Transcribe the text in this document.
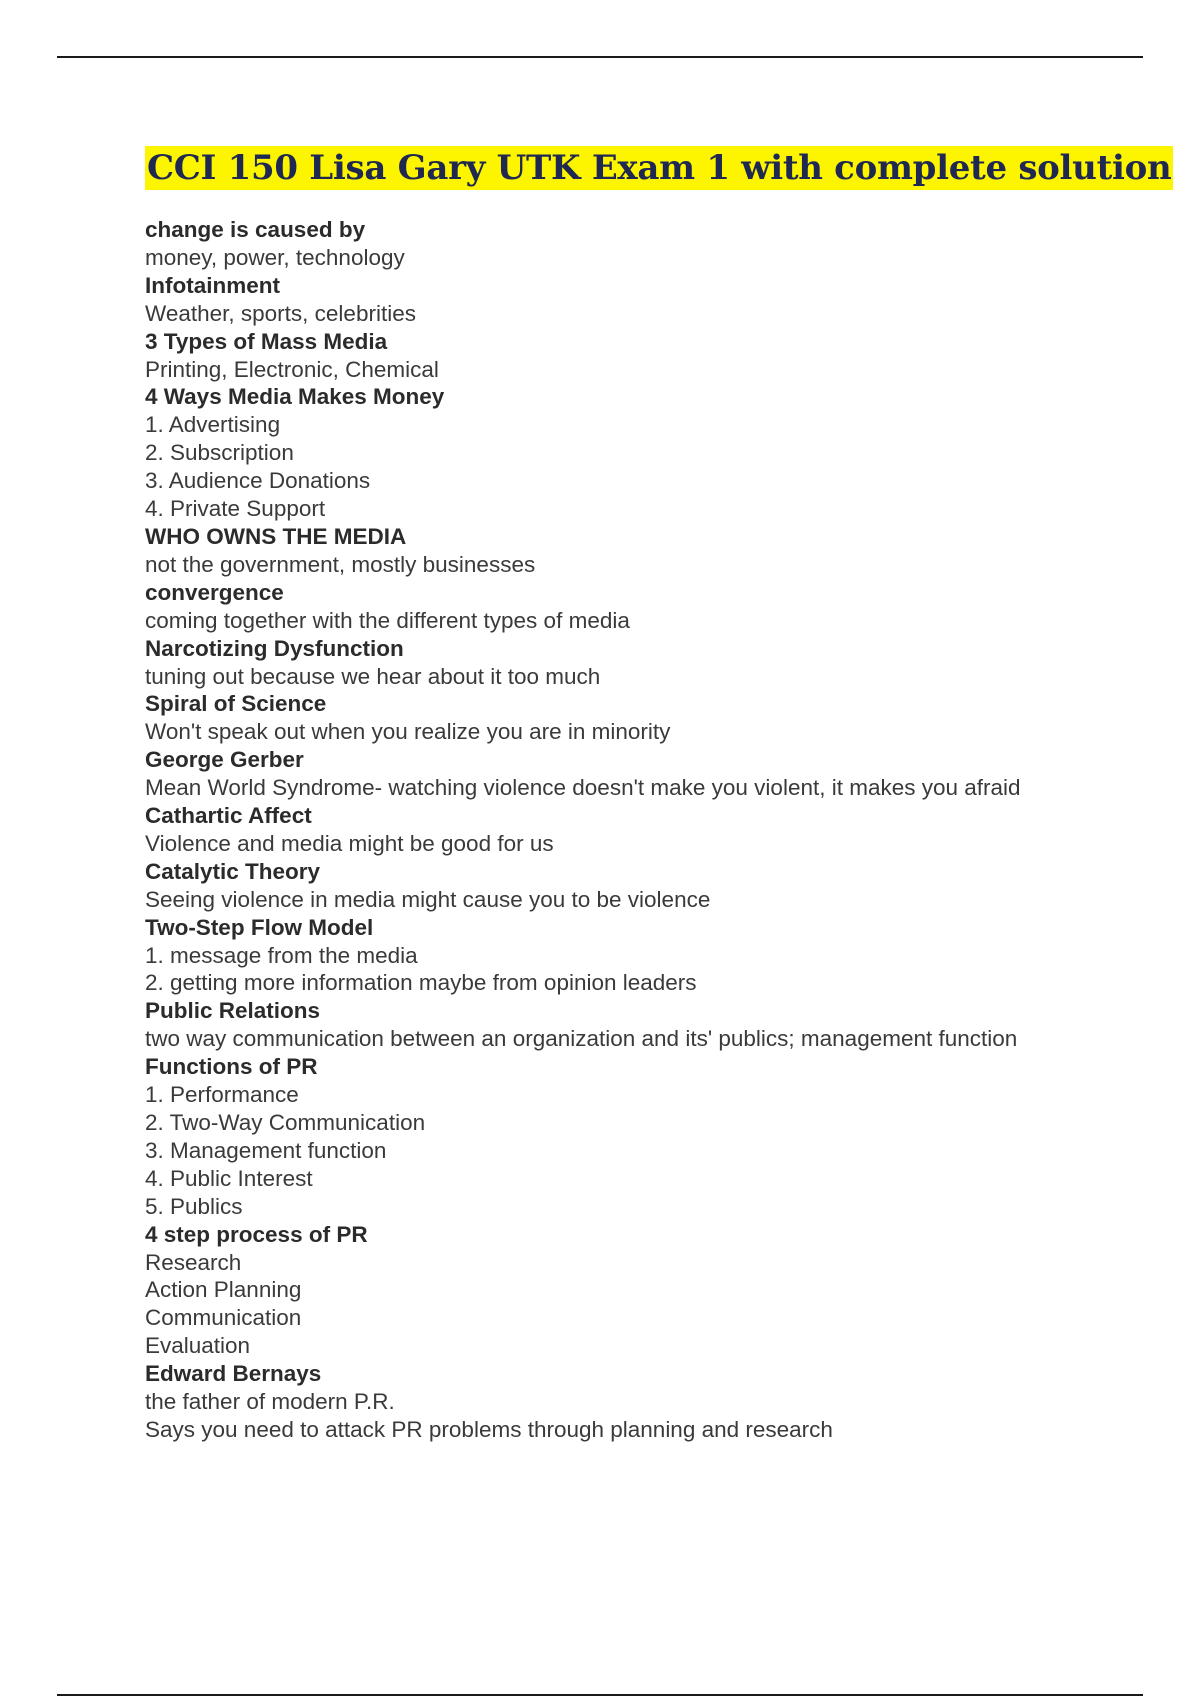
CCI 150 Lisa Gary UTK Exam 1 with complete solution
change is caused by
money, power, technology
Infotainment
Weather, sports, celebrities
3 Types of Mass Media
Printing, Electronic, Chemical
4 Ways Media Makes Money
1. Advertising
2. Subscription
3. Audience Donations
4. Private Support
WHO OWNS THE MEDIA
not the government, mostly businesses
convergence
coming together with the different types of media
Narcotizing Dysfunction
tuning out because we hear about it too much
Spiral of Science
Won't speak out when you realize you are in minority
George Gerber
Mean World Syndrome- watching violence doesn't make you violent, it makes you afraid
Cathartic Affect
Violence and media might be good for us
Catalytic Theory
Seeing violence in media might cause you to be violence
Two-Step Flow Model
1. message from the media
2. getting more information maybe from opinion leaders
Public Relations
two way communication between an organization and its' publics; management function
Functions of PR
1. Performance
2. Two-Way Communication
3. Management function
4. Public Interest
5. Publics
4 step process of PR
Research
Action Planning
Communication
Evaluation
Edward Bernays
the father of modern P.R.
Says you need to attack PR problems through planning and research
